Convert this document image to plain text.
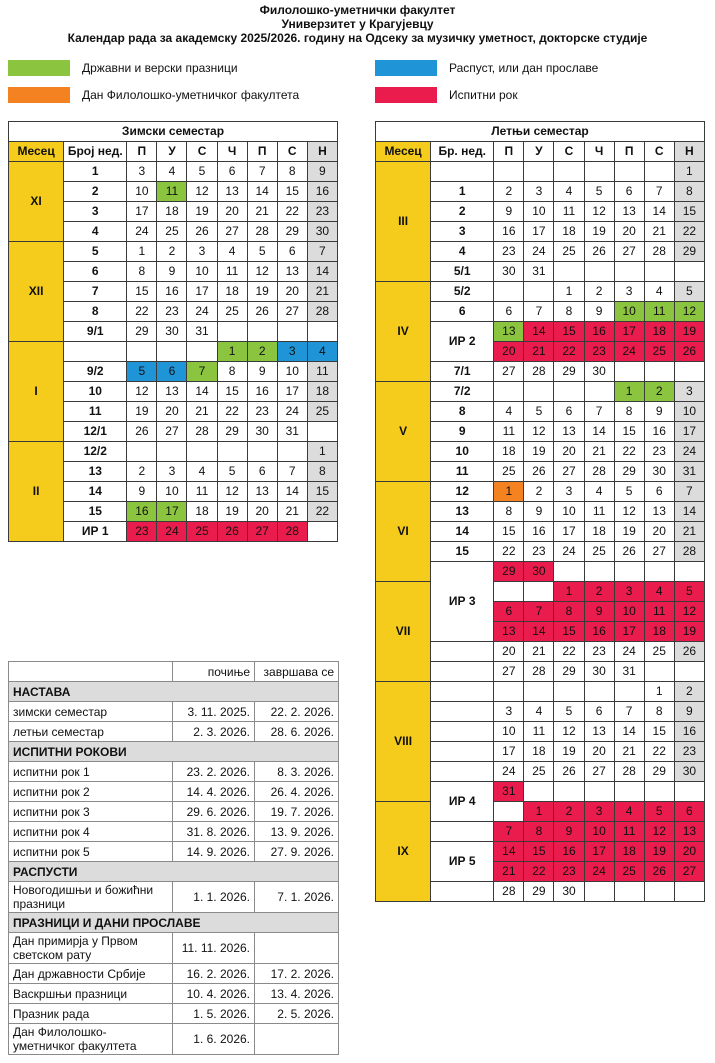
Филолошко-уметнички факултет
Универзитет у Крагујевцу
Календар рада за академску 2025/2026. годину на Одсеку за музичку уметност, докторске студије
Државни и верски празници
Дан Филолошко-уметничког факултета
Распуст, или дан прославе
Испитни рок
Зимски семестар								
Месец	Број нед.	П	У	С	Ч	П	С	Н
XI	1	3	4	5	6	7	8	9
	2	10	11	12	13	14	15	16
	3	17	18	19	20	21	22	23
	4	24	25	26	27	28	29	30
XII	5	1	2	3	4	5	6	7
	6	8	9	10	11	12	13	14
	7	15	16	17	18	19	20	21
	8	22	23	24	25	26	27	28
	9/1	29	30	31				
I					1	2	3	4
	9/2	5	6	7	8	9	10	11
	10	12	13	14	15	16	17	18
	11	19	20	21	22	23	24	25
	12/1	26	27	28	29	30	31	
II	12/2							1
	13	2	3	4	5	6	7	8
	14	9	10	11	12	13	14	15
	15	16	17	18	19	20	21	22
	ИР 1	23	24	25	26	27	28	
Летњи семестар								
Месец	Бр. нед.	П	У	С	Ч	П	С	Н
III								1
	1	2	3	4	5	6	7	8
	2	9	10	11	12	13	14	15
	3	16	17	18	19	20	21	22
	4	23	24	25	26	27	28	29
	5/1	30	31					
IV	5/2			1	2	3	4	5
	6	6	7	8	9	10	11	12
	ИР 2	13	14	15	16	17	18	19
		20	21	22	23	24	25	26
	7/1	27	28	29	30			
V	7/2					1	2	3
	8	4	5	6	7	8	9	10
	9	11	12	13	14	15	16	17
	10	18	19	20	21	22	23	24
	11	25	26	27	28	29	30	31
VI	12	1	2	3	4	5	6	7
	13	8	9	10	11	12	13	14
	14	15	16	17	18	19	20	21
	15	22	23	24	25	26	27	28
	ИР 3	29	30					
VII				1	2	3	4	5
		6	7	8	9	10	11	12
		13	14	15	16	17	18	19
		20	21	22	23	24	25	26
		27	28	29	30	31		
VIII							1	2
		3	4	5	6	7	8	9
		10	11	12	13	14	15	16
		17	18	19	20	21	22	23
		24	25	26	27	28	29	30
	ИР 4	31						
IX			1	2	3	4	5	6
		7	8	9	10	11	12	13
	ИР 5	14	15	16	17	18	19	20
		21	22	23	24	25	26	27
		28	29	30				
	почиње	завршава се
НАСТАВА		
зимски семестар	3. 11. 2025.	22. 2. 2026.
летњи семестар	2. 3. 2026.	28. 6. 2026.
ИСПИТНИ РОКОВИ		
испитни рок 1	23. 2. 2026.	8. 3. 2026.
испитни рок 2	14. 4. 2026.	26. 4. 2026.
испитни рок 3	29. 6. 2026.	19. 7. 2026.
испитни рок 4	31. 8. 2026.	13. 9. 2026.
испитни рок 5	14. 9. 2026.	27. 9. 2026.
РАСПУСТИ		
Новогодишњи и божићни празници	1. 1. 2026.	7. 1. 2026.
ПРАЗНИЦИ И ДАНИ ПРОСЛАВЕ		
Дан примирја у Првом светском рату	11. 11. 2026.	
Дан државности Србије	16. 2. 2026.	17. 2. 2026.
Васкршњи празници	10. 4. 2026.	13. 4. 2026.
Празник рада	1. 5. 2026.	2. 5. 2026.
Дан Филолошко-уметничког факултета	1. 6. 2026.	
